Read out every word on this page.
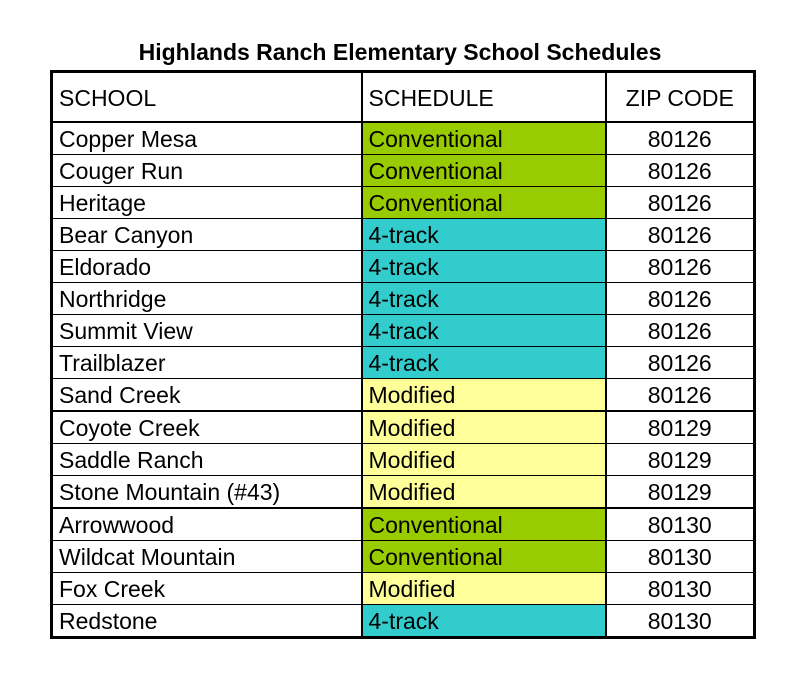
Highlands Ranch Elementary School Schedules
SCHOOL	SCHEDULE	ZIP CODE
Copper Mesa	Conventional	80126
Couger Run	Conventional	80126
Heritage	Conventional	80126
Bear Canyon	4-track	80126
Eldorado	4-track	80126
Northridge	4-track	80126
Summit View	4-track	80126
Trailblazer	4-track	80126
Sand Creek	Modified	80126
Coyote Creek	Modified	80129
Saddle Ranch	Modified	80129
Stone Mountain (#43)	Modified	80129
Arrowwood	Conventional	80130
Wildcat Mountain	Conventional	80130
Fox Creek	Modified	80130
Redstone	4-track	80130
